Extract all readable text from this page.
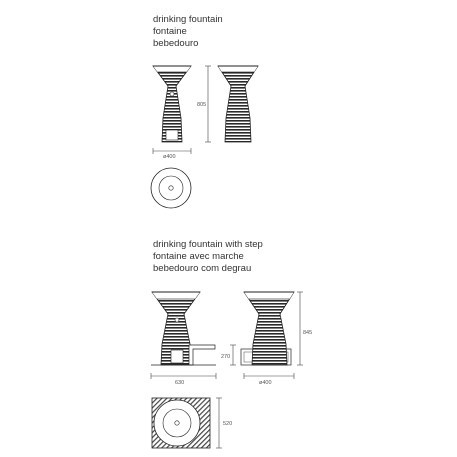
drinking fountain
fontaine
bebedouro
drinking fountain with step
fontaine avec marche
bebedouro com degrau
805
ø400
270
630
845
ø400
520
